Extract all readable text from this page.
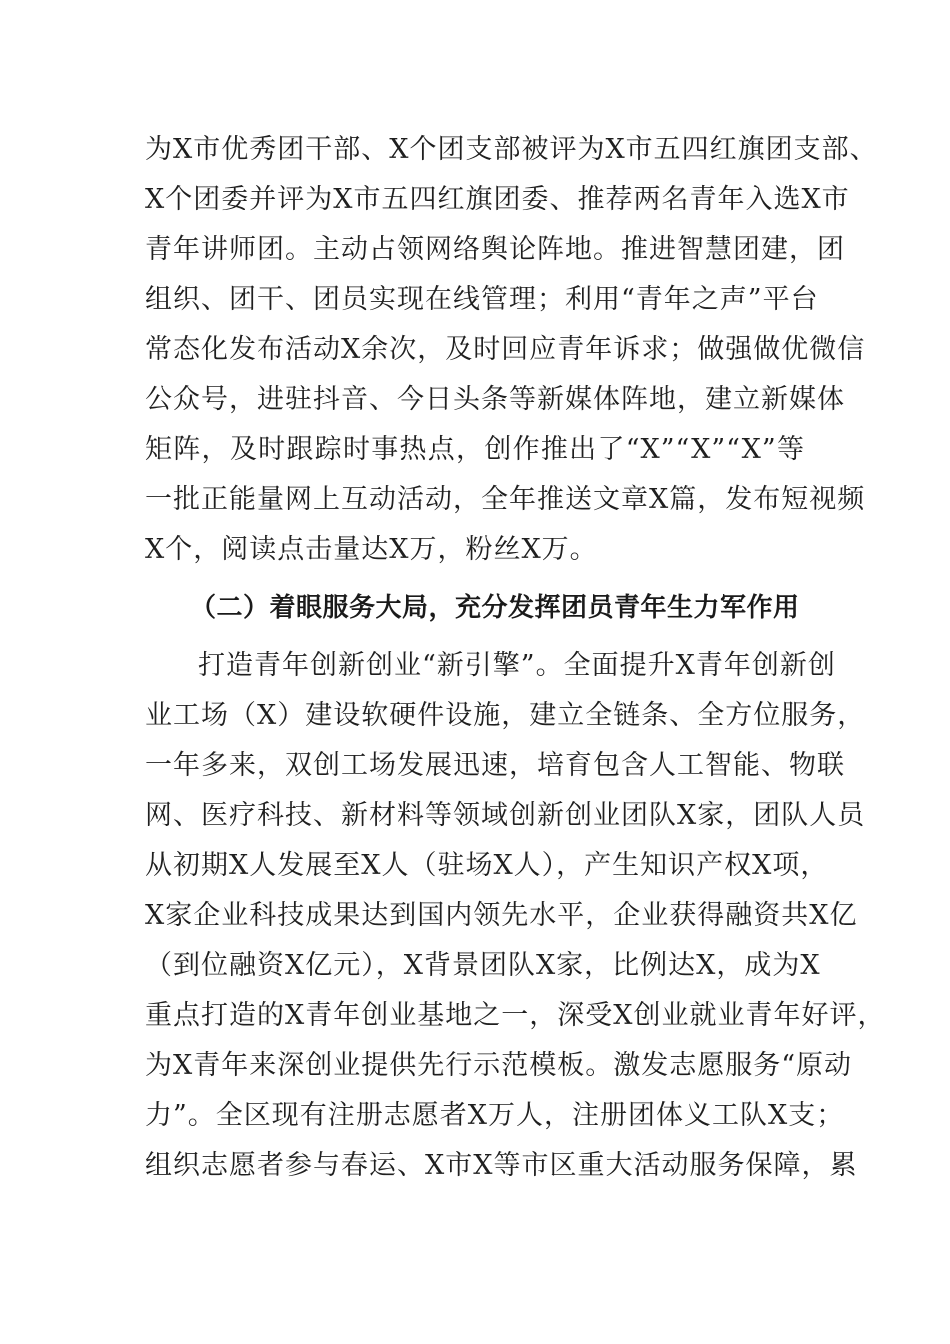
为X市优秀团干部、X个团支部被评为X市五四红旗团支部、
X个团委并评为X市五四红旗团委、推荐两名青年入选X市
青年讲师团。主动占领网络舆论阵地。推进智慧团建，团
组织、团干、团员实现在线管理；利用“青年之声”平台
常态化发布活动X余次，及时回应青年诉求；做强做优微信
公众号，进驻抖音、今日头条等新媒体阵地，建立新媒体
矩阵，及时跟踪时事热点，创作推出了“X”“X”“X”等
一批正能量网上互动活动，全年推送文章X篇，发布短视频
X个，阅读点击量达X万，粉丝X万。
（二）着眼服务大局，充分发挥团员青年生力军作用
打造青年创新创业“新引擎”。全面提升X青年创新创
业工场（X）建设软硬件设施，建立全链条、全方位服务，
一年多来，双创工场发展迅速，培育包含人工智能、物联
网、医疗科技、新材料等领域创新创业团队X家，团队人员
从初期X人发展至X人（驻场X人），产生知识产权X项，
X家企业科技成果达到国内领先水平，企业获得融资共X亿
（到位融资X亿元），X背景团队X家，比例达X，成为X
重点打造的X青年创业基地之一，深受X创业就业青年好评，
为X青年来深创业提供先行示范模板。激发志愿服务“原动
力”。全区现有注册志愿者X万人，注册团体义工队X支；
组织志愿者参与春运、X市X等市区重大活动服务保障，累
